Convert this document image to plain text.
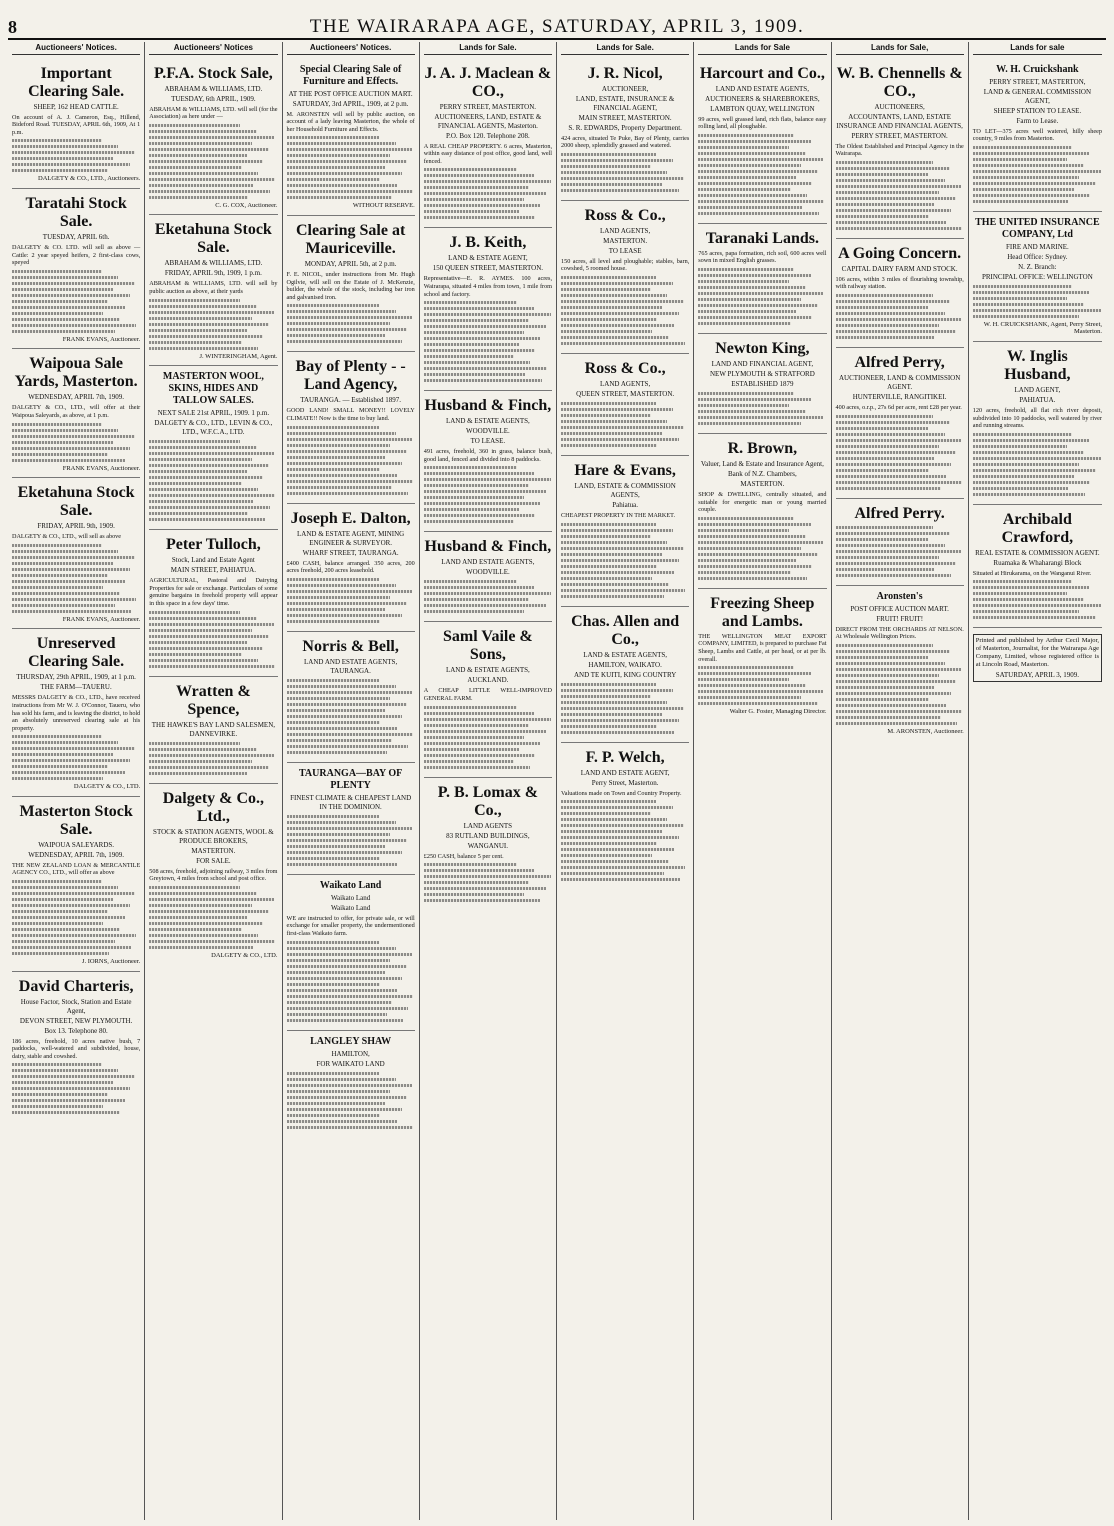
8	THE WAIRARAPA AGE, SATURDAY, APRIL 3, 1909.
Auctioneers' Notices.
Important Clearing Sale.
SHEEP, 162 HEAD CATTLE.
On account of A. J. Cameron, Esq., Hillend, Bideford Road. TUESDAY, APRIL 6th, 1909, At 1 p.m.
DALGETY & CO., LTD., Auctioneers.
Taratahi Stock Sale.
TUESDAY, APRIL 6th.
DALGETY & CO. LTD. will sell as above — Cattle: 2 year speyed heifers, 2 first-class cows, speyed
FRANK EVANS, Auctioneer.
Waipoua Sale Yards, Masterton.
WEDNESDAY, APRIL 7th, 1909.
DALGETY & CO., LTD., will offer at their Waipoua Saleyards, as above, at 1 p.m.
FRANK EVANS, Auctioneer.
Eketahuna Stock Sale.
FRIDAY, APRIL 9th, 1909.
DALGETY & CO., LTD., will sell as above
FRANK EVANS, Auctioneer.
Unreserved Clearing Sale.
THURSDAY, 29th APRIL, 1909, at 1 p.m.
THE FARM—TAUERU.
MESSRS DALGETY & CO., LTD., have received instructions from Mr W. J. O'Connor, Taueru, who has sold his farm, and is leaving the district, to hold an absolutely unreserved clearing sale at his property.
DALGETY & CO., LTD.
Masterton Stock Sale.
WAIPOUA SALEYARDS.
WEDNESDAY, APRIL 7th, 1909.
THE NEW ZEALAND LOAN & MERCANTILE AGENCY CO., LTD., will offer as above
J. IORNS, Auctioneer.
David Charteris,
House Factor, Stock, Station and Estate Agent,
DEVON STREET, NEW PLYMOUTH.
Box 13. Telephone 80.
186 acres, freehold, 10 acres native bush, 7 paddocks, well-watered and subdivided, house, dairy, stable and cowshed.
Auctioneers' Notices
P.F.A. Stock Sale,
ABRAHAM & WILLIAMS, LTD.
TUESDAY, 6th APRIL, 1909.
ABRAHAM & WILLIAMS, LTD. will sell (for the Association) as here under —
C. G. COX, Auctioneer.
Eketahuna Stock Sale.
ABRAHAM & WILLIAMS, LTD.
FRIDAY, APRIL 9th, 1909, 1 p.m.
ABRAHAM & WILLIAMS, LTD. will sell by public auction as above, at their yards
J. WINTERINGHAM, Agent.
MASTERTON WOOL, SKINS, HIDES AND TALLOW SALES.
NEXT SALE 21st APRIL, 1909. 1 p.m.
DALGETY & CO., LTD., LEVIN & CO., LTD., W.F.C.A., LTD.
Peter Tulloch,
Stock, Land and Estate Agent
MAIN STREET, PAHIATUA.
AGRICULTURAL, Pastoral and Dairying Properties for sale or exchange. Particulars of some genuine bargains in freehold property will appear in this space in a few days' time.
Wratten & Spence,
THE HAWKE'S BAY LAND SALESMEN, DANNEVIRKE.
Dalgety & Co., Ltd.,
STOCK & STATION AGENTS, WOOL & PRODUCE BROKERS,
MASTERTON.
FOR SALE.
508 acres, freehold, adjoining railway, 3 miles from Greytown, 4 miles from school and post office.
DALGETY & CO., LTD.
Auctioneers' Notices.
Special Clearing Sale of Furniture and Effects.
AT THE POST OFFICE AUCTION MART.
SATURDAY, 3rd APRIL, 1909, at 2 p.m.
M. ARONSTEN will sell by public auction, on account of a lady leaving Masterton, the whole of her Household Furniture and Effects.
WITHOUT RESERVE.
Clearing Sale at Mauriceville.
MONDAY, APRIL 5th, at 2 p.m.
F. E. NICOL, under instructions from Mr. Hugh Ogilvie, will sell on the Estate of J. McKenzie, builder, the whole of the stock, including bar iron and galvanised iron.
Bay of Plenty - - Land Agency,
TAURANGA. — Established 1897.
GOOD LAND! SMALL MONEY!! LOVELY CLIMATE!! Now is the time to buy land.
Joseph E. Dalton,
LAND & ESTATE AGENT, MINING ENGINEER & SURVEYOR.
WHARF STREET, TAURANGA.
£400 CASH, balance arranged. 350 acres, 200 acres freehold, 200 acres leasehold.
Norris & Bell,
LAND AND ESTATE AGENTS, TAURANGA.
TAURANGA—BAY OF PLENTY
FINEST CLIMATE & CHEAPEST LAND IN THE DOMINION.
Waikato Land
Waikato Land
Waikato Land
WE are instructed to offer, for private sale, or will exchange for smaller property, the undermentioned first-class Waikato farm.
LANGLEY SHAW
HAMILTON,
FOR WAIKATO LAND
Lands for Sale.
J. A. J. Maclean & CO.,
PERRY STREET, MASTERTON.
AUCTIONEERS, LAND, ESTATE & FINANCIAL AGENTS, Masterton.
P.O. Box 120. Telephone 208.
A REAL CHEAP PROPERTY. 6 acres, Masterton, within easy distance of post office, good land, well fenced.
J. B. Keith,
LAND & ESTATE AGENT,
150 QUEEN STREET, MASTERTON.
Representative—E. R. AYMES. 100 acres, Wairarapa, situated 4 miles from town, 1 mile from school and factory.
Husband & Finch,
LAND & ESTATE AGENTS,
WOODVILLE.
TO LEASE.
491 acres, freehold, 360 in grass, balance bush, good land, fenced and divided into 8 paddocks.
Husband & Finch,
LAND AND ESTATE AGENTS,
WOODVILLE.
Saml Vaile & Sons,
LAND & ESTATE AGENTS,
AUCKLAND.
A CHEAP LITTLE WELL-IMPROVED GENERAL FARM.
P. B. Lomax & Co.,
LAND AGENTS
83 RUTLAND BUILDINGS,
WANGANUI.
£250 CASH, balance 5 per cent.
Lands for Sale.
J. R. Nicol,
AUCTIONEER,
LAND, ESTATE, INSURANCE & FINANCIAL AGENT,
MAIN STREET, MASTERTON.
S. R. EDWARDS, Property Department.
424 acres, situated Te Puke, Bay of Plenty, carries 2000 sheep, splendidly grassed and watered.
Ross & Co.,
LAND AGENTS,
MASTERTON.
TO LEASE
150 acres, all level and ploughable; stables, barn, cowshed, 5 roomed house.
Ross & Co.,
LAND AGENTS,
QUEEN STREET, MASTERTON.
Hare & Evans,
LAND, ESTATE & COMMISSION AGENTS,
Pahiatua.
CHEAPEST PROPERTY IN THE MARKET.
Chas. Allen and Co.,
LAND & ESTATE AGENTS,
HAMILTON, WAIKATO.
AND TE KUITI, KING COUNTRY
F. P. Welch,
LAND AND ESTATE AGENT,
Perry Street, Masterton.
Valuations made on Town and Country Property.
Lands for Sale
Harcourt and Co.,
LAND AND ESTATE AGENTS,
AUCTIONEERS & SHAREBROKERS,
LAMBTON QUAY, WELLINGTON
99 acres, well grassed land, rich flats, balance easy rolling land, all ploughable.
Taranaki Lands.
765 acres, papa formation, rich soil, 600 acres well sown in mixed English grasses.
Newton King,
LAND AND FINANCIAL AGENT,
NEW PLYMOUTH & STRATFORD
ESTABLISHED 1879
R. Brown,
Valuer, Land & Estate and Insurance Agent,
Bank of N.Z. Chambers,
MASTERTON.
SHOP & DWELLING, centrally situated, and suitable for energetic man or young married couple.
Freezing Sheep and Lambs.
THE WELLINGTON MEAT EXPORT COMPANY, LIMITED, is prepared to purchase Fat Sheep, Lambs and Cattle, at per head, or at per lb. overall.
Walter G. Foster, Managing Director.
Lands for Sale,
W. B. Chennells & CO.,
AUCTIONEERS,
ACCOUNTANTS, LAND, ESTATE INSURANCE AND FINANCIAL AGENTS,
PERRY STREET, MASTERTON.
The Oldest Established and Principal Agency in the Wairarapa.
A Going Concern.
CAPITAL DAIRY FARM AND STOCK.
106 acres, within 3 miles of flourishing township, with railway station.
Alfred Perry,
AUCTIONEER, LAND & COMMISSION AGENT.
HUNTERVILLE, RANGITIKEI.
400 acres, o.r.p., 27s 6d per acre, rent £28 per year.
Alfred Perry.
Aronsten's
POST OFFICE AUCTION MART.
FRUIT! FRUIT!
DIRECT FROM THE ORCHARDS AT NELSON. At Wholesale Wellington Prices.
M. ARONSTEN, Auctioneer.
Lands for sale
W. H. Cruickshank
PERRY STREET, MASTERTON,
LAND & GENERAL COMMISSION AGENT,
SHEEP STATION TO LEASE.
Farm to Lease.
TO LET—375 acres well watered, hilly sheep country, 9 miles from Masterton.
THE UNITED INSURANCE COMPANY, Ltd
FIRE AND MARINE.
Head Office: Sydney.
N. Z. Branch:
PRINCIPAL OFFICE: WELLINGTON
W. H. CRUICKSHANK, Agent, Perry Street, Masterton.
W. Inglis Husband,
LAND AGENT,
PAHIATUA.
120 acres, freehold, all flat rich river deposit, subdivided into 10 paddocks, well watered by river and running streams.
Archibald Crawford,
REAL ESTATE & COMMISSION AGENT.
Ruamaka & Whaharangi Block
Situated at Hirukarama, on the Wanganui River.
Printed and published by Arthur Cecil Major, of Masterton, Journalist, for the Wairarapa Age Company, Limited, whose registered office is at Lincoln Road, Masterton.
SATURDAY, APRIL 3, 1909.
